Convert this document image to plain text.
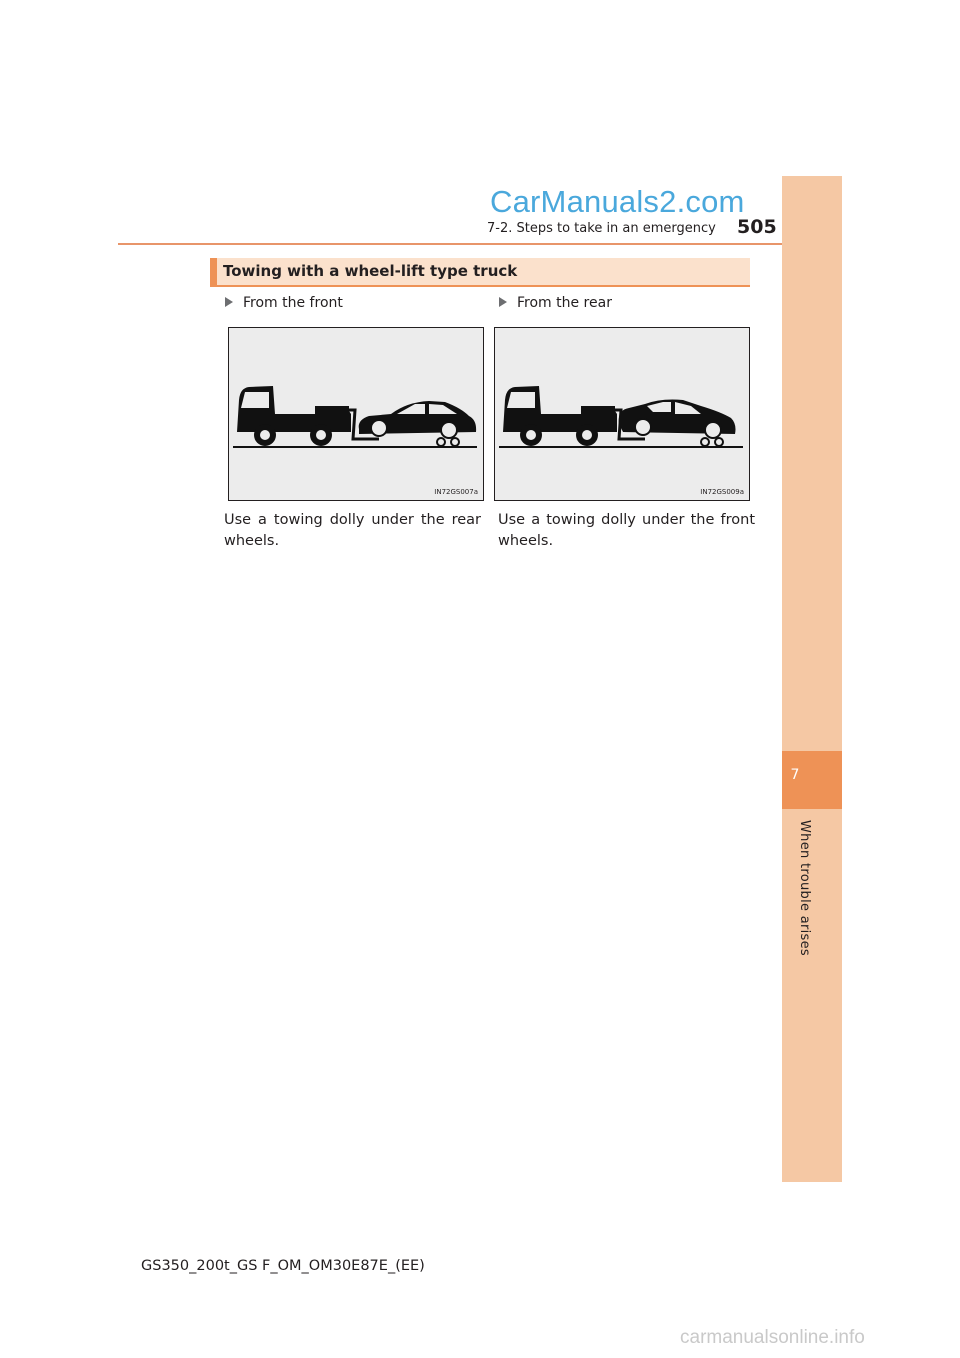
CarManuals2.com
7-2. Steps to take in an emergency 505
7
When trouble arises
Towing with a wheel-lift type truck
From the front
IN72GS007a
Use a towing dolly under the rear wheels.
From the rear
IN72GS009a
Use a towing dolly under the front wheels.
GS350_200t_GS F_OM_OM30E87E_(EE)
carmanualsonline.info
